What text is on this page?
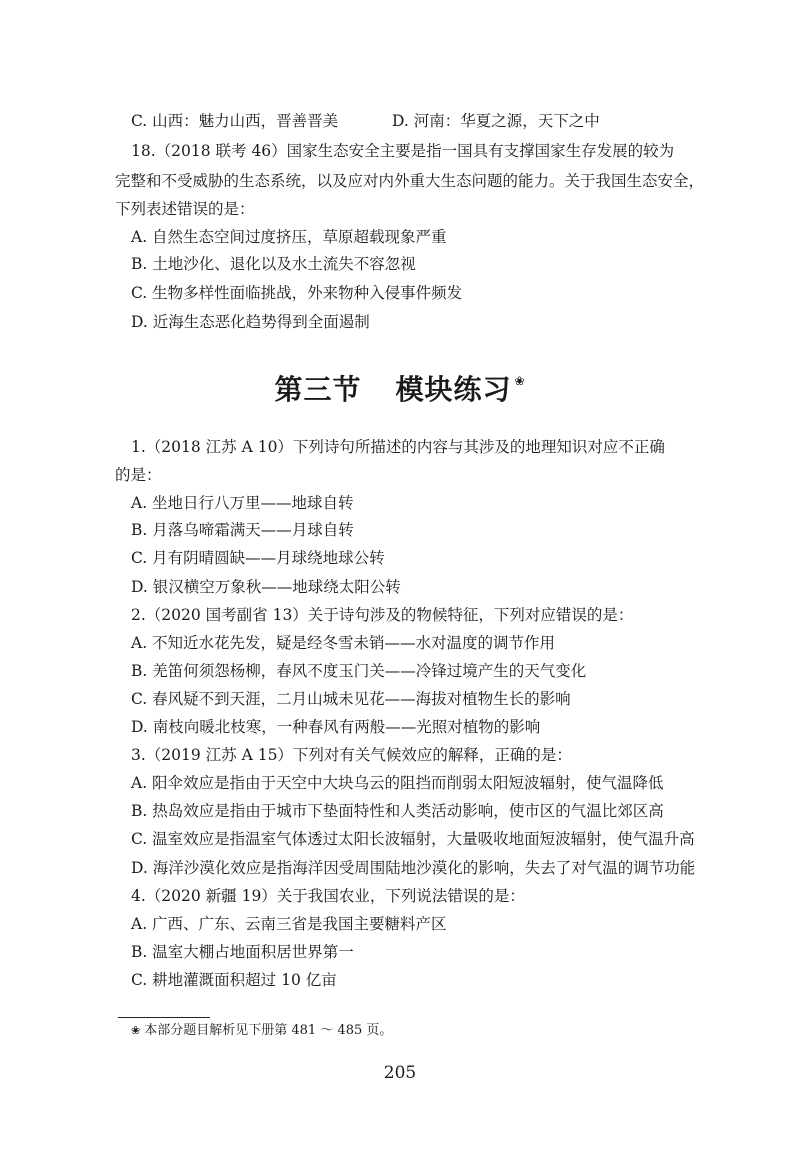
C. 山西：魅力山西，晋善晋美	D. 河南：华夏之源，天下之中
18.（2018 联考 46）国家生态安全主要是指一国具有支撑国家生存发展的较为
完整和不受威胁的生态系统，以及应对内外重大生态问题的能力。关于我国生态安全，
下列表述错误的是：
A. 自然生态空间过度挤压，草原超载现象严重
B. 土地沙化、退化以及水土流失不容忽视
C. 生物多样性面临挑战，外来物种入侵事件频发
D. 近海生态恶化趋势得到全面遏制
第三节 模块练习 ❀
1.（2018 江苏 A 10）下列诗句所描述的内容与其涉及的地理知识对应不正确
的是：
A. 坐地日行八万里——地球自转
B. 月落乌啼霜满天——月球自转
C. 月有阴晴圆缺——月球绕地球公转
D. 银汉横空万象秋——地球绕太阳公转
2.（2020 国考副省 13）关于诗句涉及的物候特征，下列对应错误的是：
A. 不知近水花先发，疑是经冬雪未销——水对温度的调节作用
B. 羌笛何须怨杨柳，春风不度玉门关——冷锋过境产生的天气变化
C. 春风疑不到天涯，二月山城未见花——海拔对植物生长的影响
D. 南枝向暖北枝寒，一种春风有两般——光照对植物的影响
3.（2019 江苏 A 15）下列对有关气候效应的解释，正确的是：
A. 阳伞效应是指由于天空中大块乌云的阻挡而削弱太阳短波辐射，使气温降低
B. 热岛效应是指由于城市下垫面特性和人类活动影响，使市区的气温比郊区高
C. 温室效应是指温室气体透过太阳长波辐射，大量吸收地面短波辐射，使气温升高
D. 海洋沙漠化效应是指海洋因受周围陆地沙漠化的影响，失去了对气温的调节功能
4.（2020 新疆 19）关于我国农业，下列说法错误的是：
A. 广西、广东、云南三省是我国主要糖料产区
B. 温室大棚占地面积居世界第一
C. 耕地灌溉面积超过 10 亿亩
❀ 本部分题目解析见下册第 481 ～ 485 页。
205
